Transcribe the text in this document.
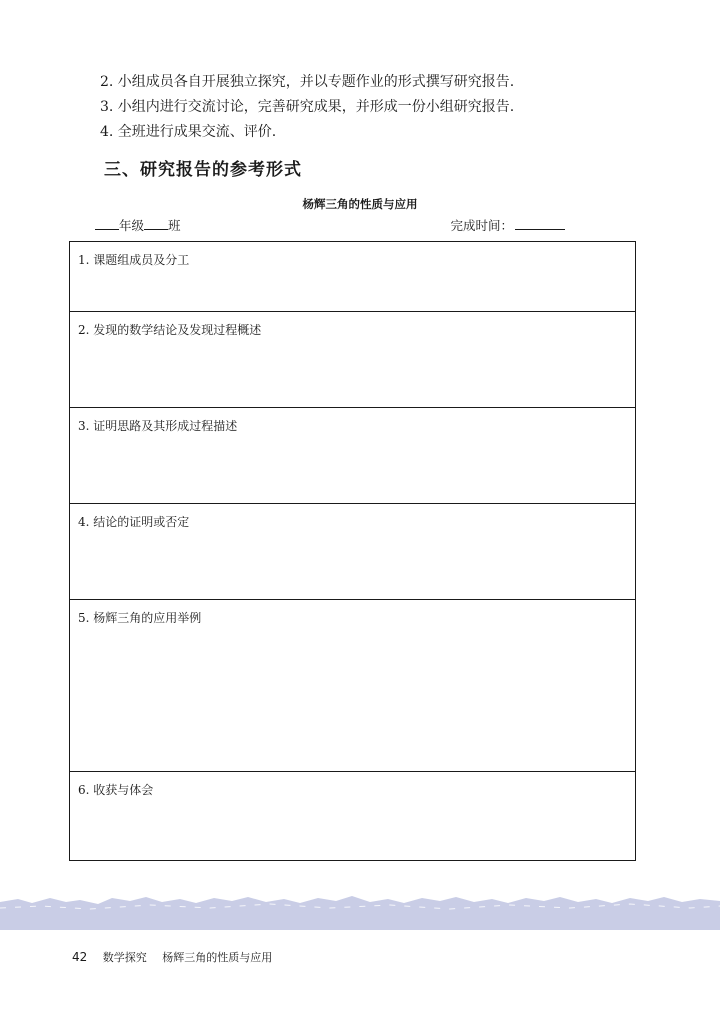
2. 小组成员各自开展独立探究，并以专题作业的形式撰写研究报告.
3. 小组内进行交流讨论，完善研究成果，并形成一份小组研究报告.
4. 全班进行成果交流、评价.
三、研究报告的参考形式
杨辉三角的性质与应用
年级 班	完成时间：
1. 课题组成员及分工
2. 发现的数学结论及发现过程概述
3. 证明思路及其形成过程描述
4. 结论的证明或否定
5. 杨辉三角的应用举例
6. 收获与体会
42 数学探究 杨辉三角的性质与应用
